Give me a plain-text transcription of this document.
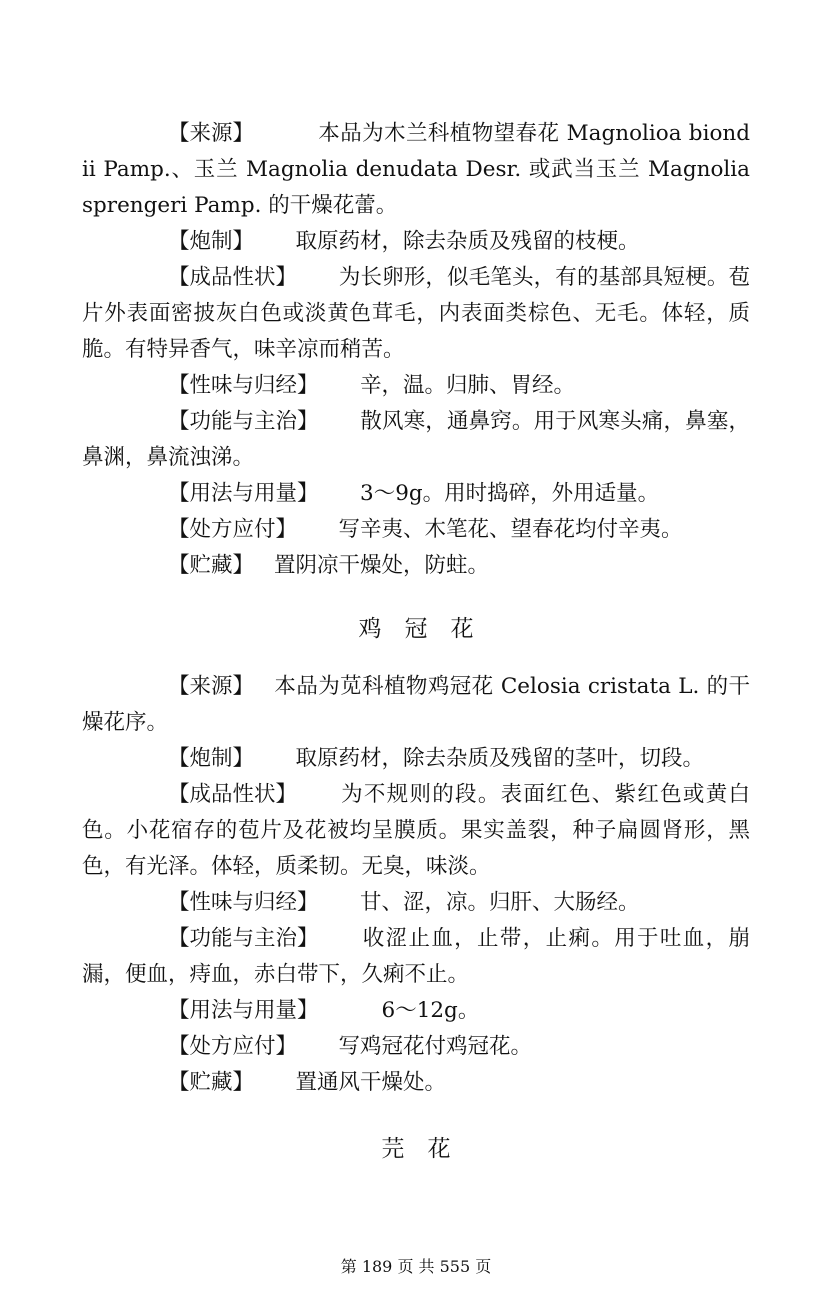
【来源】　　本品为木兰科植物望春花 Magnolioa biondii Pamp.、玉兰 Magnolia denudata Desr. 或武当玉兰 Magnolia sprengeri Pamp. 的干燥花蕾。

【炮制】　取原药材，除去杂质及残留的枝梗。

【成品性状】　为长卵形，似毛笔头，有的基部具短梗。苞片外表面密披灰白色或淡黄色茸毛，内表面类棕色、无毛。体轻，质脆。有特异香气，味辛凉而稍苦。

【性味与归经】　辛，温。归肺、胃经。

【功能与主治】　散风寒，通鼻窍。用于风寒头痛，鼻塞，鼻渊，鼻流浊涕。

【用法与用量】　3～9g。用时捣碎，外用适量。

【处方应付】　写辛夷、木笔花、望春花均付辛夷。

【贮藏】 置阴凉干燥处，防蛀。

鸡　冠　花

【来源】 本品为苋科植物鸡冠花 Celosia cristata L. 的干燥花序。

【炮制】　取原药材，除去杂质及残留的茎叶，切段。

【成品性状】　为不规则的段。表面红色、紫红色或黄白色。小花宿存的苞片及花被均呈膜质。果实盖裂，种子扁圆肾形，黑色，有光泽。体轻，质柔韧。无臭，味淡。

【性味与归经】　甘、涩，凉。归肝、大肠经。

【功能与主治】　收涩止血，止带，止痢。用于吐血，崩漏，便血，痔血，赤白带下，久痢不止。

【用法与用量】　　6～12g。

【处方应付】　写鸡冠花付鸡冠花。

【贮藏】　置通风干燥处。

芫　花

第 189 页 共 555 页
